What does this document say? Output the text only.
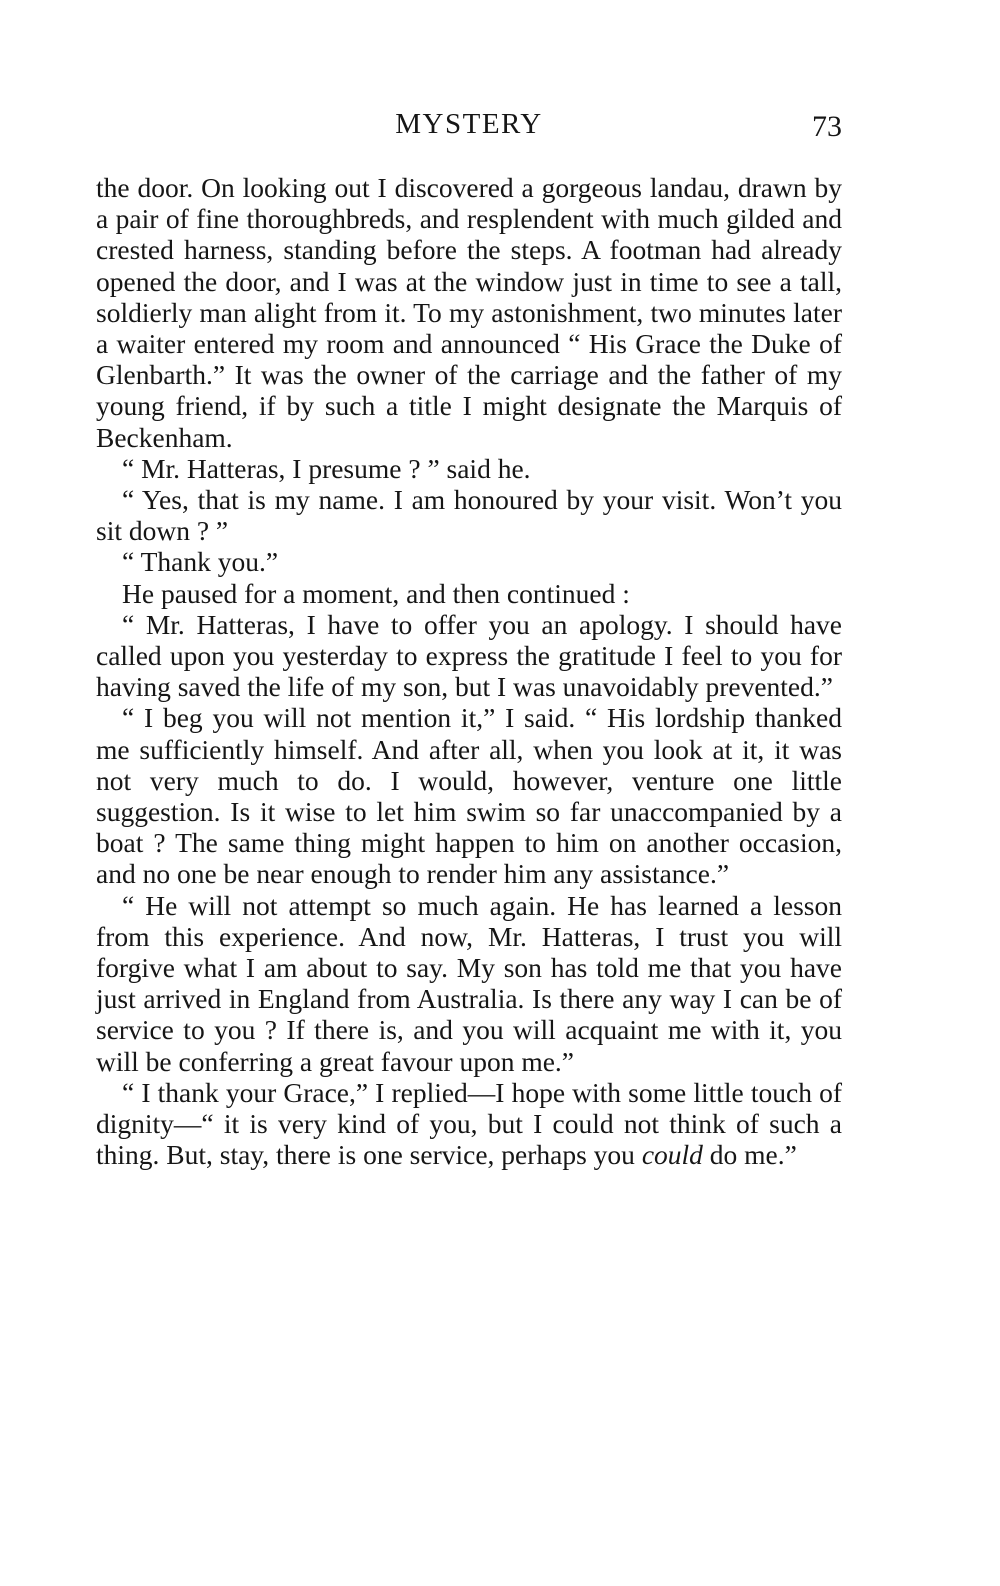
MYSTERY	73

the door. On looking out I discovered a gorgeous landau, drawn by a pair of fine thoroughbreds, and resplendent with much gilded and crested harness, standing before the steps. A footman had already opened the door, and I was at the window just in time to see a tall, soldierly man alight from it. To my astonishment, two minutes later a waiter entered my room and announced “ His Grace the Duke of Glenbarth.” It was the owner of the carriage and the father of my young friend, if by such a title I might designate the Marquis of Beckenham.

“ Mr. Hatteras, I presume ? ” said he.

“ Yes, that is my name. I am honoured by your visit. Won’t you sit down ? ”

“ Thank you.”

He paused for a moment, and then continued :

“ Mr. Hatteras, I have to offer you an apology. I should have called upon you yesterday to express the gratitude I feel to you for having saved the life of my son, but I was unavoidably prevented.”

“ I beg you will not mention it,” I said. “ His lordship thanked me sufficiently himself. And after all, when you look at it, it was not very much to do. I would, however, venture one little suggestion. Is it wise to let him swim so far unaccompanied by a boat ? The same thing might happen to him on another occasion, and no one be near enough to render him any assistance.”

“ He will not attempt so much again. He has learned a lesson from this experience. And now, Mr. Hatteras, I trust you will forgive what I am about to say. My son has told me that you have just arrived in England from Australia. Is there any way I can be of service to you ? If there is, and you will acquaint me with it, you will be conferring a great favour upon me.”

“ I thank your Grace,” I replied—I hope with some little touch of dignity—“ it is very kind of you, but I could not think of such a thing. But, stay, there is one service, perhaps you could do me.”
